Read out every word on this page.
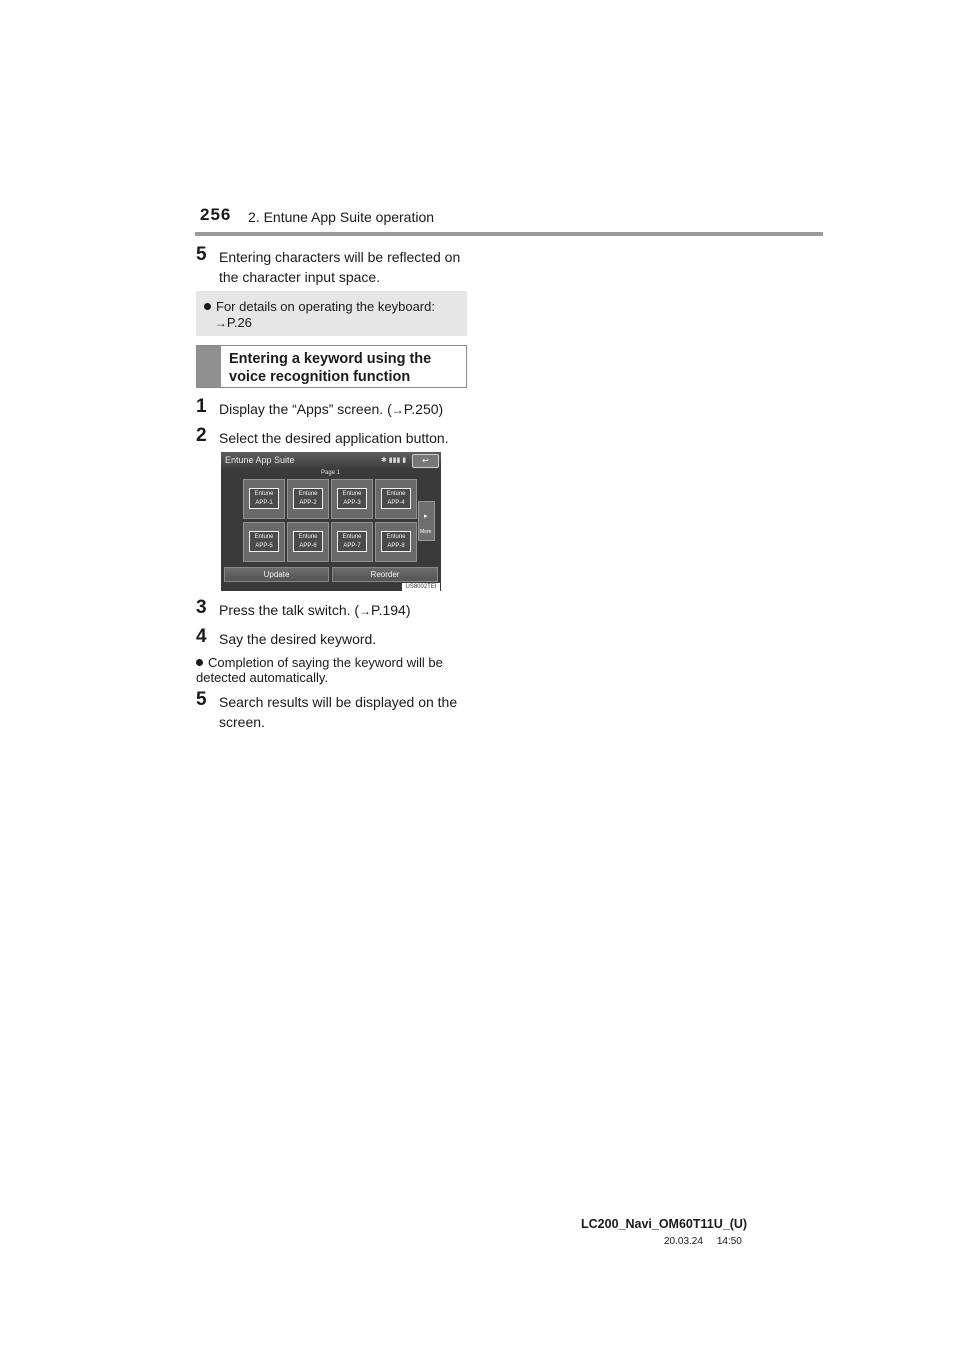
256 2. Entune App Suite operation
5 Entering characters will be reflected on the character input space.
For details on operating the keyboard:
→P.26
Entering a keyword using the
voice recognition function
1 Display the “Apps” screen. (→P.250)
2 Select the desired application button.
Entune App Suite	✱ ▮▮▮ ▮	↩
Page 1
Entune
APP-1
Entune
APP-2
Entune
APP-3
Entune
APP-4
Entune
APP-5
Entune
APP-6
Entune
APP-7
Entune
APP-8
▸
More
Update	Reorder
US8002TEI
3 Press the talk switch. (→P.194)
4 Say the desired keyword.
Completion of saying the keyword will be detected automatically.
5 Search results will be displayed on the screen.
LC200_Navi_OM60T11U_(U)
20.03.24     14:50
